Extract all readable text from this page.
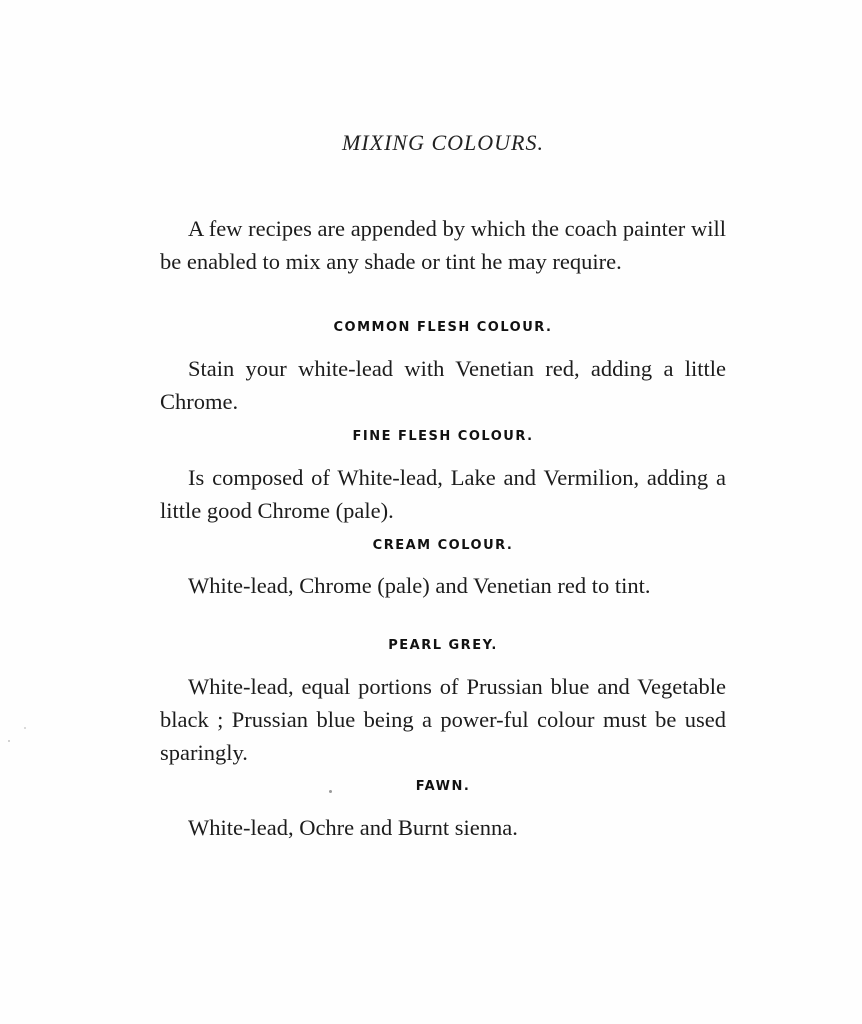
MIXING COLOURS.

A few recipes are appended by which the coach painter will be enabled to mix any shade or tint he may require.

COMMON FLESH COLOUR.

Stain your white-lead with Venetian red, adding a little Chrome.

FINE FLESH COLOUR.

Is composed of White-lead, Lake and Vermilion, adding a little good Chrome (pale).

CREAM COLOUR.

White-lead, Chrome (pale) and Venetian red to tint.

PEARL GREY.

White-lead, equal portions of Prussian blue and Vegetable black ; Prussian blue being a power-ful colour must be used sparingly.

FAWN.

White-lead, Ochre and Burnt sienna.
